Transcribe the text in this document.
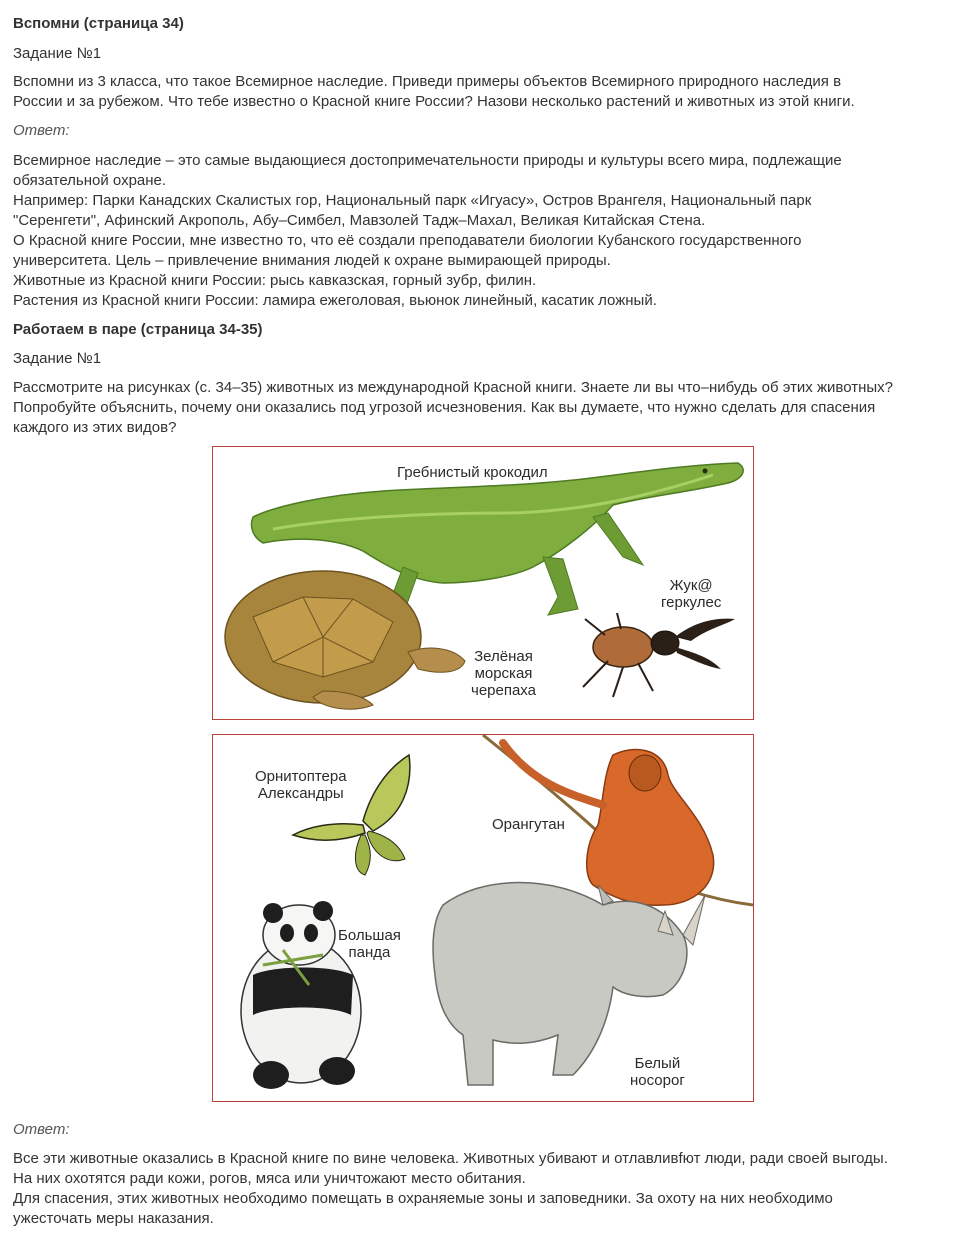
Вспомни (страница 34)
Задание №1
Вспомни из 3 класса, что такое Всемирное наследие. Приведи примеры объектов Всемирного природного наследия в
России и за рубежом. Что тебе известно о Красной книге России? Назови несколько растений и животных из этой книги.
Ответ:
Всемирное наследие – это самые выдающиеся достопримечательности природы и культуры всего мира, подлежащие
обязательной охране.
Например: Парки Канадских Скалистых гор, Национальный парк «Игуасу», Остров Врангеля, Национальный парк
"Серенгети", Афинский Акрополь, Абу–Симбел, Мавзолей Тадж–Махал, Великая Китайская Стена.
О Красной книге России, мне известно то, что её создали преподаватели биологии Кубанского государственного
университета. Цель – привлечение внимания людей к охране вымирающей природы.
Животные из Красной книги России: рысь кавказская, горный зубр, филин.
Растения из Красной книги России: ламира ежеголовая, вьюнок линейный, касатик ложный.
Работаем в паре (страница 34-35)
Задание №1
Рассмотрите на рисунках (с. 34–35) животных из международной Красной книги. Знаете ли вы что–нибудь об этих животных?
Попробуйте объяснить, почему они оказались под угрозой исчезновения. Как вы думаете, что нужно сделать для спасения
каждого из этих видов?
Ответ:
Все эти животные оказались в Красной книге по вине человека. Животных убивают и отлавливfют люди, ради своей выгоды.
На них охотятся ради кожи, рогов, мяса или уничтожают место обитания.
Для спасения, этих животных необходимо помещать в охраняемые зоны и заповедники. За охоту на них необходимо
ужесточать меры наказания.
Гребнистый крокодил
Жук@
геркулес
Зелёная
морская
черепаха
Орнитоптера
Александры
Орангутан
Большая
панда
Белый
носорог
